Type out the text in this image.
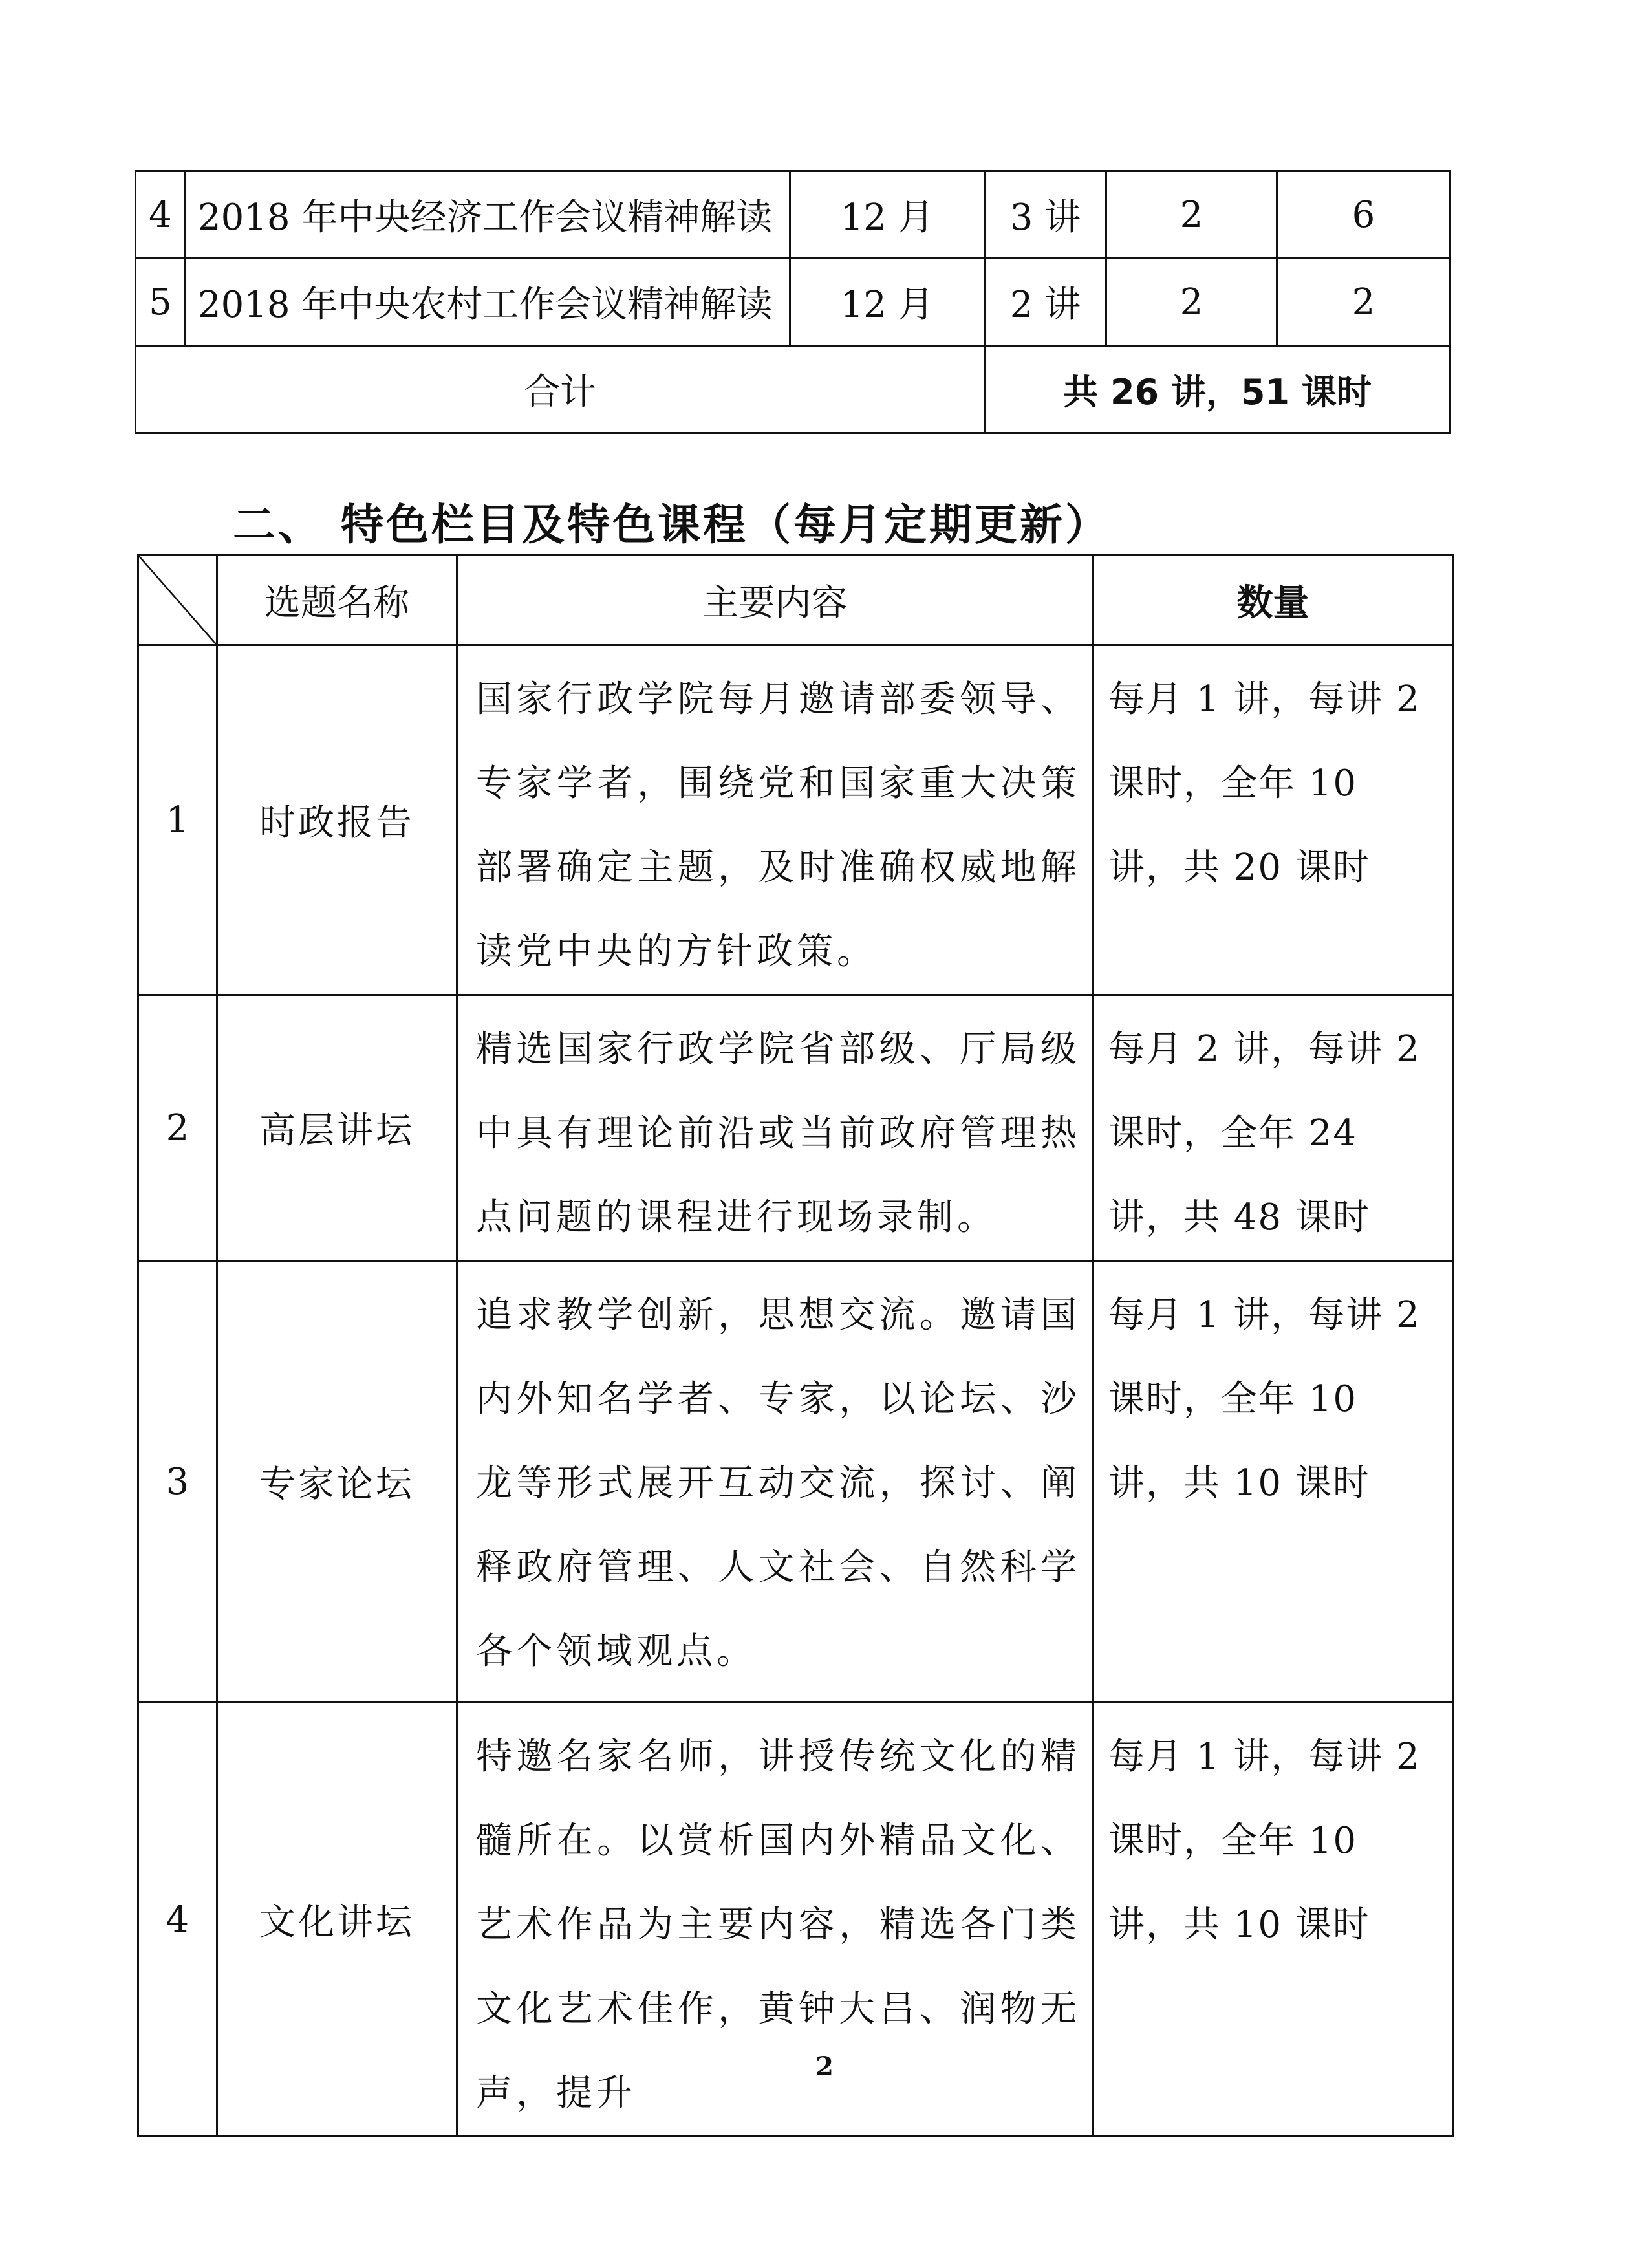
4	2018 年中央经济工作会议精神解读	12 月	3 讲	2	6
5	2018 年中央农村工作会议精神解读	12 月	2 讲	2	2
合计			共 26 讲，51 课时		
二、 特色栏目及特色课程（每月定期更新）
	选题名称	主要内容	数量
1	时政报告	国家行政学院每月邀请部委领导、专家学者，围绕党和国家重大决策部署确定主题，及时准确权威地解读党中央的方针政策。	每月 1 讲，每讲 2 课时，全年 10 讲，共 20 课时
2	高层讲坛	精选国家行政学院省部级、厅局级中具有理论前沿或当前政府管理热点问题的课程进行现场录制。	每月 2 讲，每讲 2 课时，全年 24 讲，共 48 课时
3	专家论坛	追求教学创新，思想交流。邀请国内外知名学者、专家，以论坛、沙龙等形式展开互动交流，探讨、阐释政府管理、人文社会、自然科学各个领域观点。	每月 1 讲，每讲 2 课时，全年 10 讲，共 10 课时
4	文化讲坛	特邀名家名师，讲授传统文化的精髓所在。以赏析国内外精品文化、艺术作品为主要内容，精选各门类文化艺术佳作，黄钟大吕、润物无声，提升	每月 1 讲，每讲 2 课时，全年 10 讲，共 10 课时
2
